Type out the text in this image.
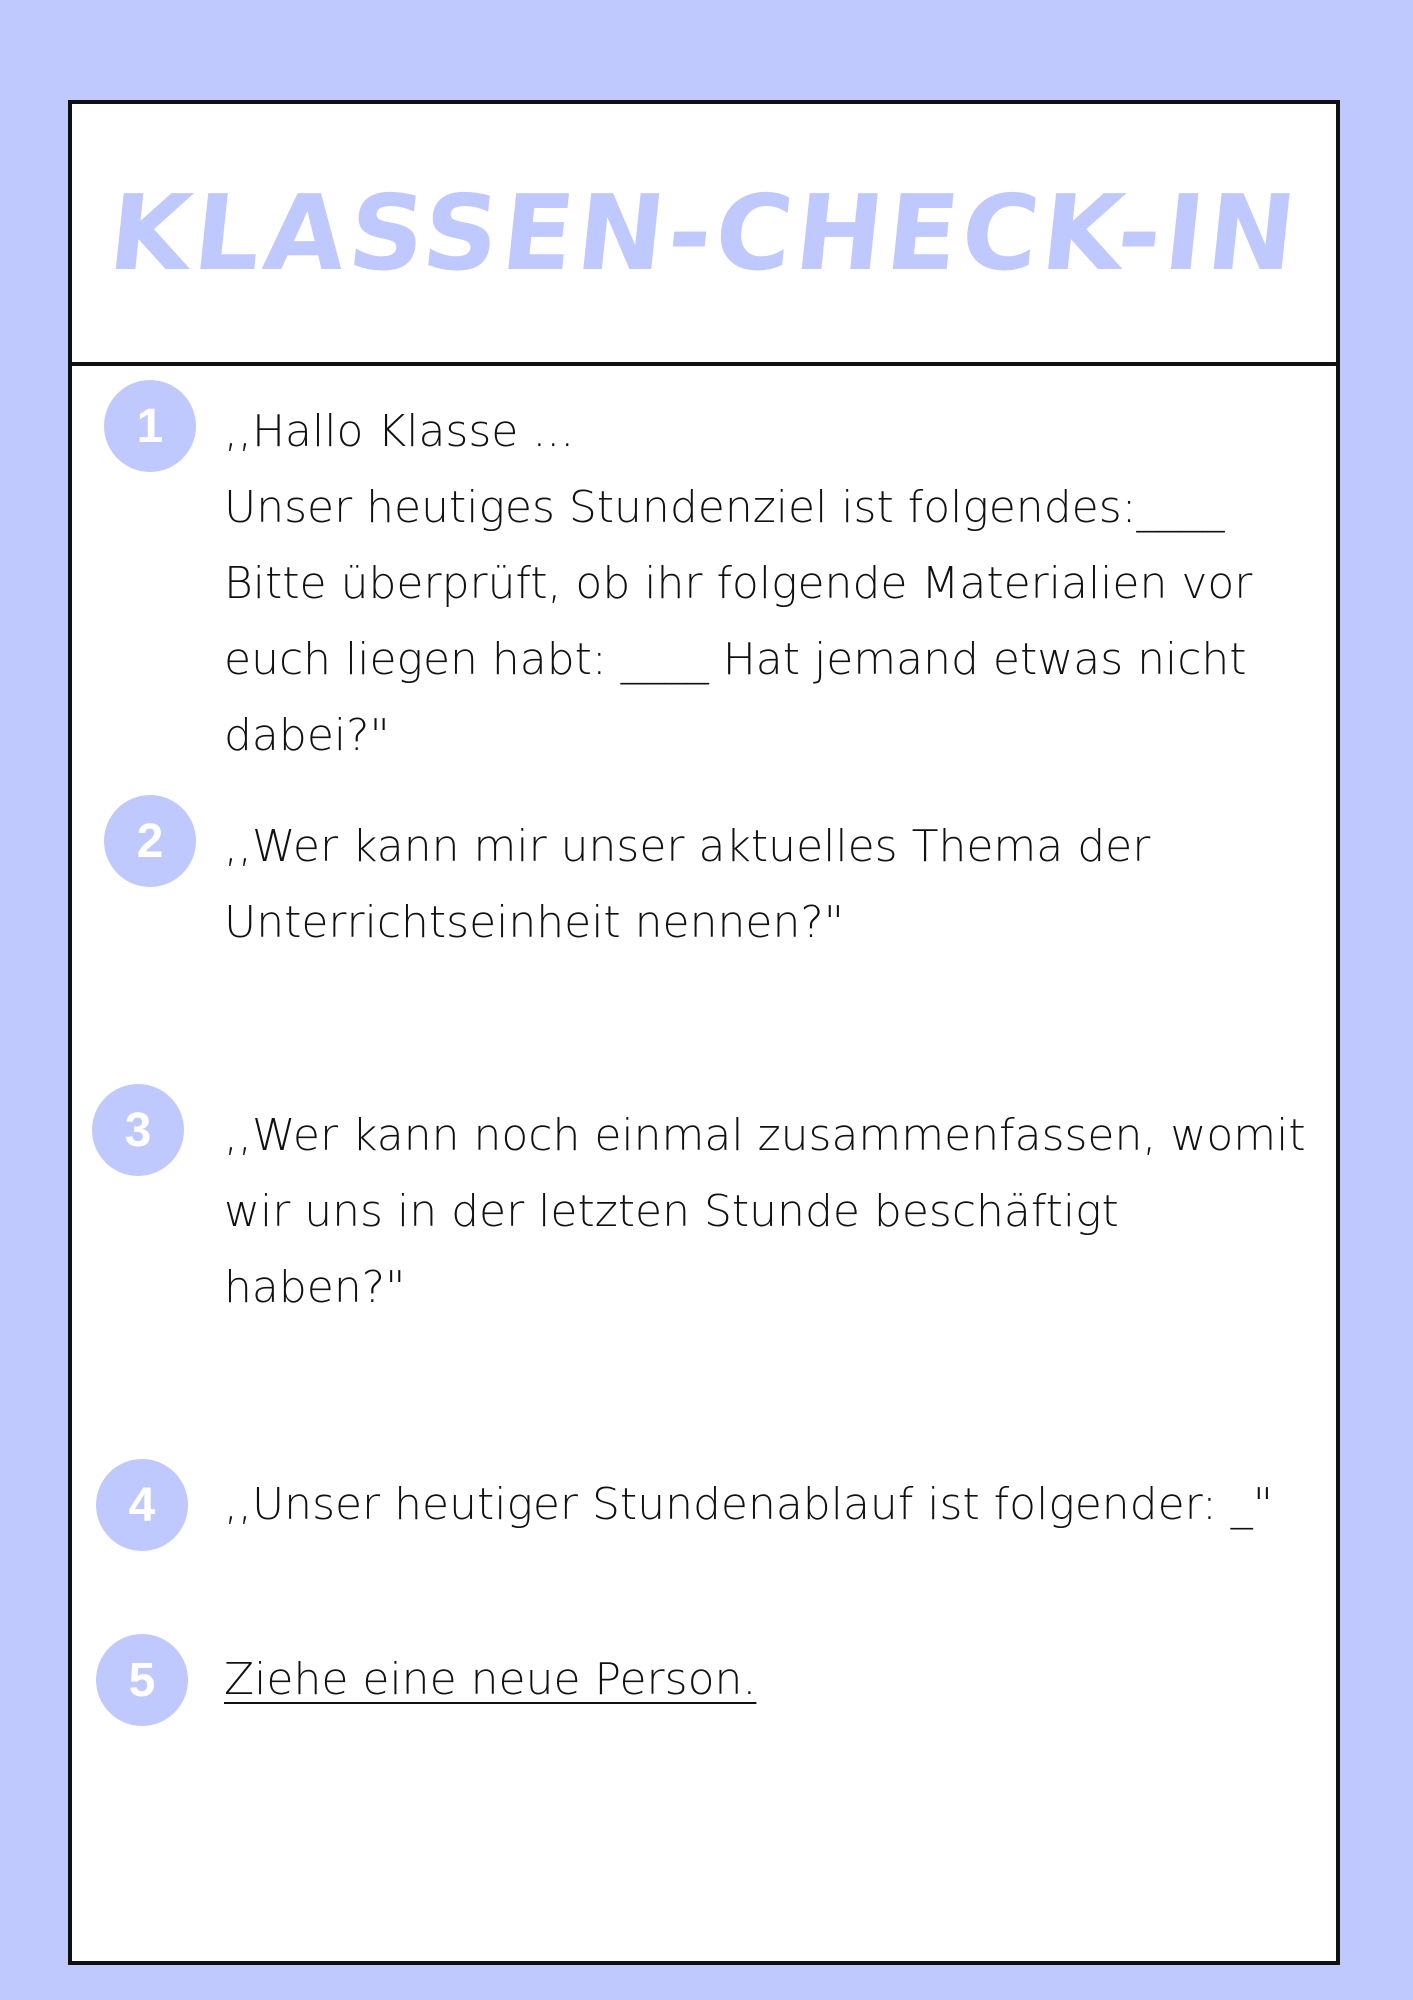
KLASSEN-CHECK-IN
1	,,Hallo Klasse ...
Unser heutiges Stundenziel ist folgendes:____
Bitte überprüft, ob ihr folgende Materialien vor euch liegen habt: ____ Hat jemand etwas nicht dabei?"

2	,,Wer kann mir unser aktuelles Thema der Unterrichtseinheit nennen?"

3	,,Wer kann noch einmal zusammenfassen, womit wir uns in der letzten Stunde beschäftigt haben?"

4	,,Unser heutiger Stundenablauf ist folgender: _"

5	Ziehe eine neue Person.
